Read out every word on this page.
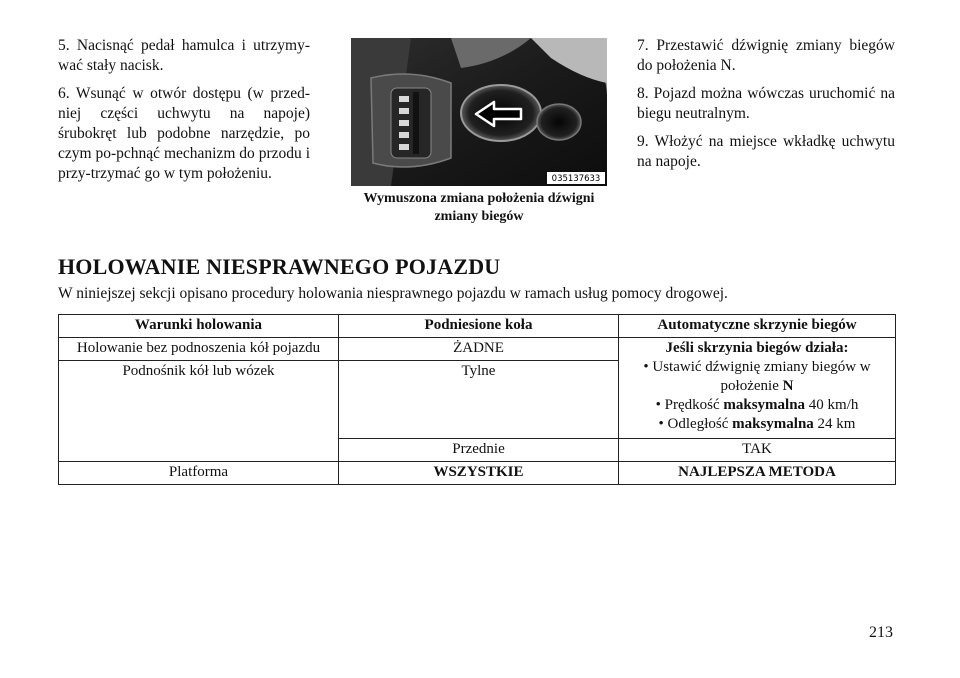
5. Nacisnąć pedał hamulca i utrzymy-wać stały nacisk.

6. Wsunąć w otwór dostępu (w przed-niej części uchwytu na napoje) śrubokręt lub podobne narzędzie, po czym po-pchnąć mechanizm do przodu i przy-trzymać go w tym położeniu.	035137633
Wymuszona zmiana położenia dźwigni
zmiany biegów

7. Przestawić dźwignię zmiany biegów do położenia N.

8. Pojazd można wówczas uruchomić na biegu neutralnym.

9. Włożyć na miejsce wkładkę uchwytu na napoje.

HOLOWANIE NIESPRAWNEGO POJAZDU

W niniejszej sekcji opisano procedury holowania niesprawnego pojazdu w ramach usług pomocy drogowej.

Warunki holowania	Podniesione koła	Automatyczne skrzynie biegów
Holowanie bez podnoszenia kół pojazdu	ŻADNE	Jeśli skrzynia biegów działa:
• Ustawić dźwignię zmiany biegów w
położenie N
• Prędkość maksymalna 40 km/h
• Odległość maksymalna 24 km

Podnośnik kół lub wózek	Tylne	
	Przednie	TAK
Platforma	WSZYSTKIE	NAJLEPSZA METODA
213
